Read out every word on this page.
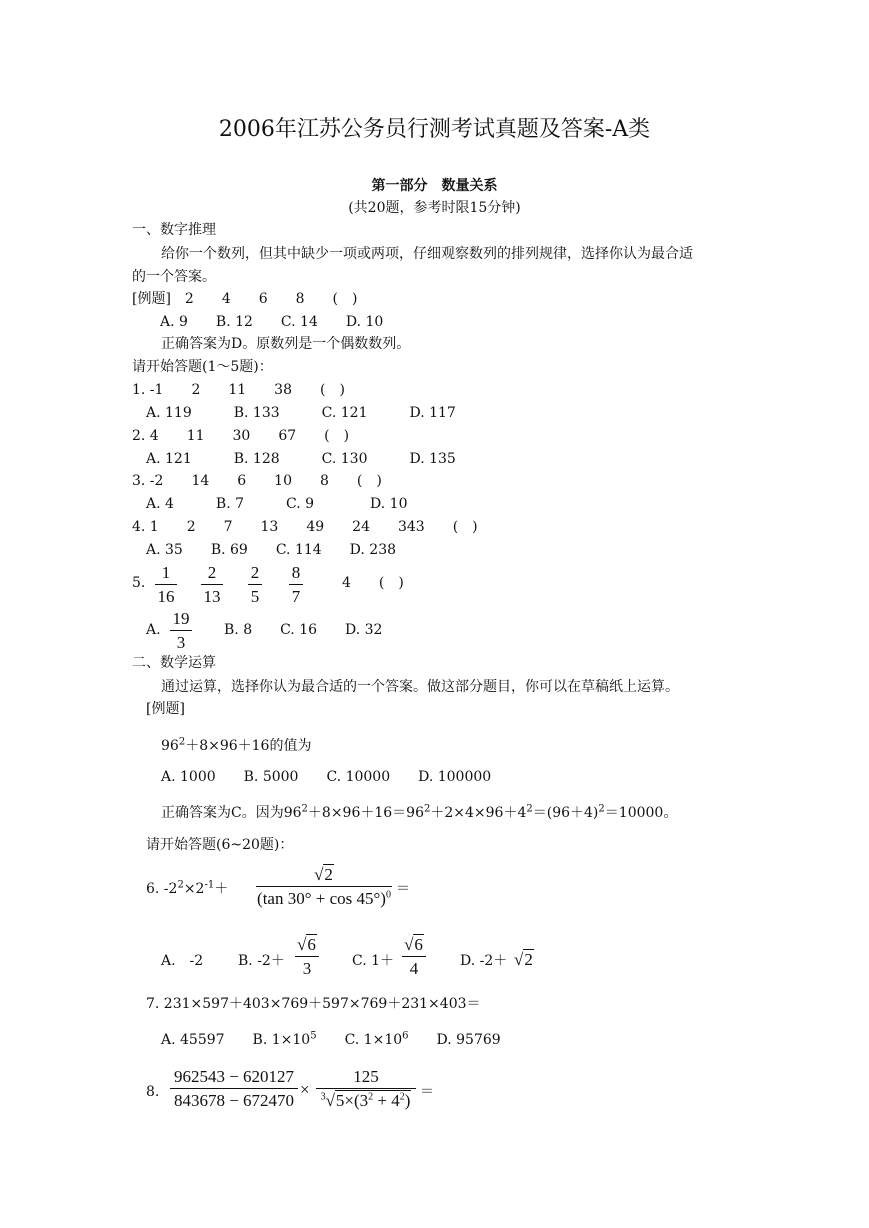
2006年江苏公务员行测考试真题及答案-A类
第一部分　数量关系
(共20题，参考时限15分钟)
一、数字推理
给你一个数列，但其中缺少一项或两项，仔细观察数列的排列规律，选择你认为最合适
的一个答案。
[例题]　2　　4　　6　　8　　(　)
A. 9　　B. 12　　C. 14　　D. 10
正确答案为D。原数列是一个偶数数列。
请开始答题(1～5题)：
1. -1　　2　　11　　38　　(　)
A. 119　　　B. 133　　　C. 121　　　D. 117
2. 4　　11　　30　　67　　(　)
A. 121　　　B. 128　　　C. 130　　　D. 135
3. -2　　14　　6　　10　　8　　(　)
A. 4　　　B. 7　　　C. 9　　　　D. 10
4. 1　　2　　7　　13　　49　　24　　343　　(　)
A. 35　　B. 69　　C. 114　　D. 238
5.
1
16
2
13
2
5
8
7
4　　(　)
A.
19
3
B. 8　　C. 16　　D. 32
二、数学运算
通过运算，选择你认为最合适的一个答案。做这部分题目，你可以在草稿纸上运算。
[例题]
$96^2+8\times 96+16$的值为
A. 1000　　B. 5000　　C. 10000　　D. 100000
正确答案为C。因为$96^2+8\times 96+16=96^2+2\times 4\times 96+4^2=(96+4)^2=10000$。
请开始答题(6~20题)：
6. $-2^2\times 2^{-1}+$
√2
(tan 30° + cos 45°)$^0$ ＝
A.　-2 B. -2＋
√6
3	C. 1＋
√6
4	D. -2＋ √2
7. 231×597＋403×769＋597×769＋231×403＝
A. 45597　　 B. $1\times 10^5$　　 C. $1\times 10^6$　　 D. 95769
8.
962543 − 620127
843678 − 672470
×
125
$^3√5\times(3^2 + 4^2)$ ＝
